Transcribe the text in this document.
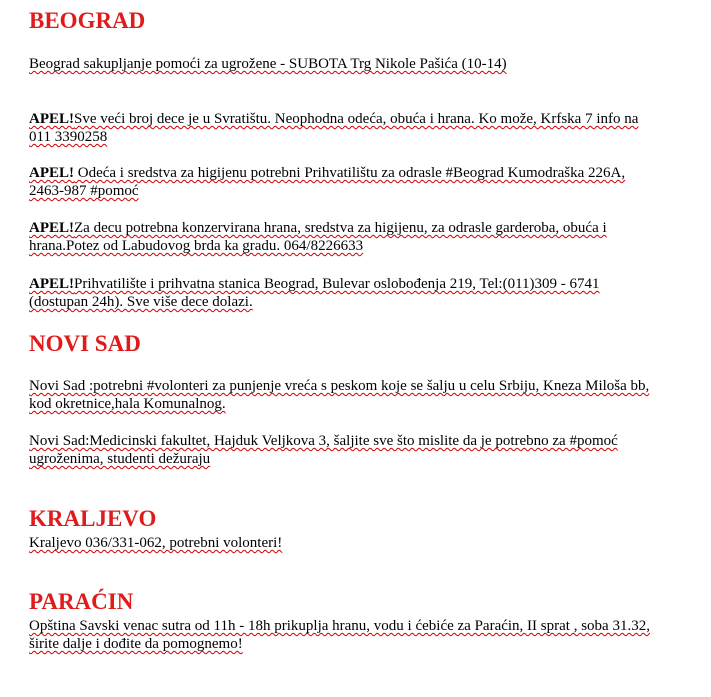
BEOGRAD

Beograd sakupljanje pomoći za ugrožene - SUBOTA Trg Nikole Pašića (10-14)

APEL!Sve veći broj dece je u Svratištu. Neophodna odeća, obuća i hrana. Ko može, Krfska 7 info na
011 3390258

APEL! Odeća i sredstva za higijenu potrebni Prihvatilištu za odrasle #Beograd Kumodraška 226A,
2463-987 #pomoć

APEL!Za decu potrebna konzervirana hrana, sredstva za higijenu, za odrasle garderoba, obuća i
hrana.Potez od Labudovog brda ka gradu. 064/8226633

APEL!Prihvatilište i prihvatna stanica Beograd, Bulevar oslobođenja 219, Tel:(011)309 - 6741
(dostupan 24h). Sve više dece dolazi.

NOVI SAD

Novi Sad :potrebni #volonteri za punjenje vreća s peskom koje se šalju u celu Srbiju, Kneza Miloša bb,
kod okretnice,hala Komunalnog.

Novi Sad:Medicinski fakultet, Hajduk Veljkova 3, šaljite sve što mislite da je potrebno za #pomoć
ugroženima, studenti dežuraju

KRALJEVO

Kraljevo 036/331-062, potrebni volonteri!

PARAĆIN

Opština Savski venac sutra od 11h - 18h prikuplja hranu, vodu i ćebiće za Paraćin, II sprat , soba 31.32,
širite dalje i dođite da pomognemo!
